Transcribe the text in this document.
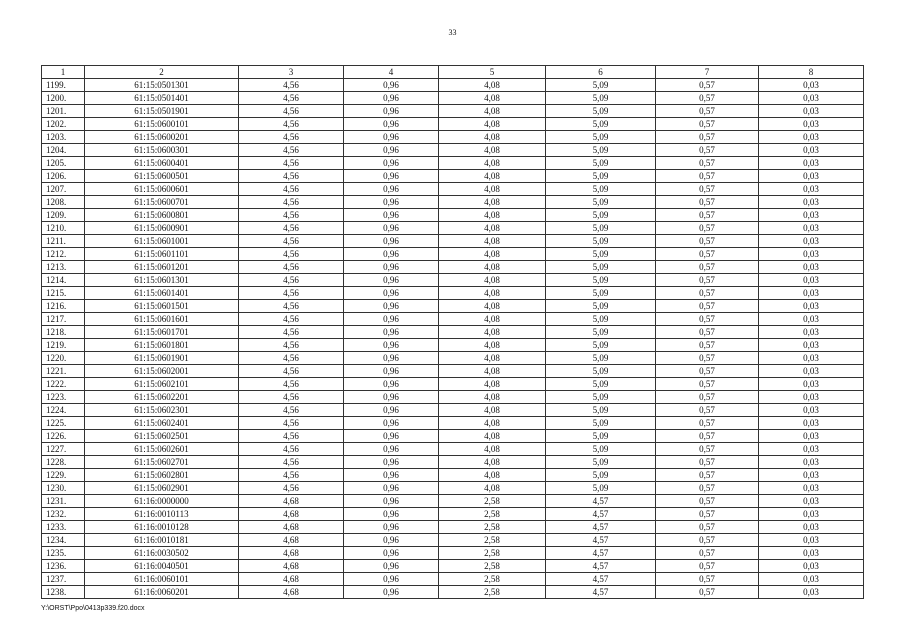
33
1	2	3	4	5	6	7	8
1199.	61:15:0501301	4,56	0,96	4,08	5,09	0,57	0,03
1200.	61:15:0501401	4,56	0,96	4,08	5,09	0,57	0,03
1201.	61:15:0501901	4,56	0,96	4,08	5,09	0,57	0,03
1202.	61:15:0600101	4,56	0,96	4,08	5,09	0,57	0,03
1203.	61:15:0600201	4,56	0,96	4,08	5,09	0,57	0,03
1204.	61:15:0600301	4,56	0,96	4,08	5,09	0,57	0,03
1205.	61:15:0600401	4,56	0,96	4,08	5,09	0,57	0,03
1206.	61:15:0600501	4,56	0,96	4,08	5,09	0,57	0,03
1207.	61:15:0600601	4,56	0,96	4,08	5,09	0,57	0,03
1208.	61:15:0600701	4,56	0,96	4,08	5,09	0,57	0,03
1209.	61:15:0600801	4,56	0,96	4,08	5,09	0,57	0,03
1210.	61:15:0600901	4,56	0,96	4,08	5,09	0,57	0,03
1211.	61:15:0601001	4,56	0,96	4,08	5,09	0,57	0,03
1212.	61:15:0601101	4,56	0,96	4,08	5,09	0,57	0,03
1213.	61:15:0601201	4,56	0,96	4,08	5,09	0,57	0,03
1214.	61:15:0601301	4,56	0,96	4,08	5,09	0,57	0,03
1215.	61:15:0601401	4,56	0,96	4,08	5,09	0,57	0,03
1216.	61:15:0601501	4,56	0,96	4,08	5,09	0,57	0,03
1217.	61:15:0601601	4,56	0,96	4,08	5,09	0,57	0,03
1218.	61:15:0601701	4,56	0,96	4,08	5,09	0,57	0,03
1219.	61:15:0601801	4,56	0,96	4,08	5,09	0,57	0,03
1220.	61:15:0601901	4,56	0,96	4,08	5,09	0,57	0,03
1221.	61:15:0602001	4,56	0,96	4,08	5,09	0,57	0,03
1222.	61:15:0602101	4,56	0,96	4,08	5,09	0,57	0,03
1223.	61:15:0602201	4,56	0,96	4,08	5,09	0,57	0,03
1224.	61:15:0602301	4,56	0,96	4,08	5,09	0,57	0,03
1225.	61:15:0602401	4,56	0,96	4,08	5,09	0,57	0,03
1226.	61:15:0602501	4,56	0,96	4,08	5,09	0,57	0,03
1227.	61:15:0602601	4,56	0,96	4,08	5,09	0,57	0,03
1228.	61:15:0602701	4,56	0,96	4,08	5,09	0,57	0,03
1229.	61:15:0602801	4,56	0,96	4,08	5,09	0,57	0,03
1230.	61:15:0602901	4,56	0,96	4,08	5,09	0,57	0,03
1231.	61:16:0000000	4,68	0,96	2,58	4,57	0,57	0,03
1232.	61:16:0010113	4,68	0,96	2,58	4,57	0,57	0,03
1233.	61:16:0010128	4,68	0,96	2,58	4,57	0,57	0,03
1234.	61:16:0010181	4,68	0,96	2,58	4,57	0,57	0,03
1235.	61:16:0030502	4,68	0,96	2,58	4,57	0,57	0,03
1236.	61:16:0040501	4,68	0,96	2,58	4,57	0,57	0,03
1237.	61:16:0060101	4,68	0,96	2,58	4,57	0,57	0,03
1238.	61:16:0060201	4,68	0,96	2,58	4,57	0,57	0,03
Y:\ORST\Ppo\0413p339.f20.docx
